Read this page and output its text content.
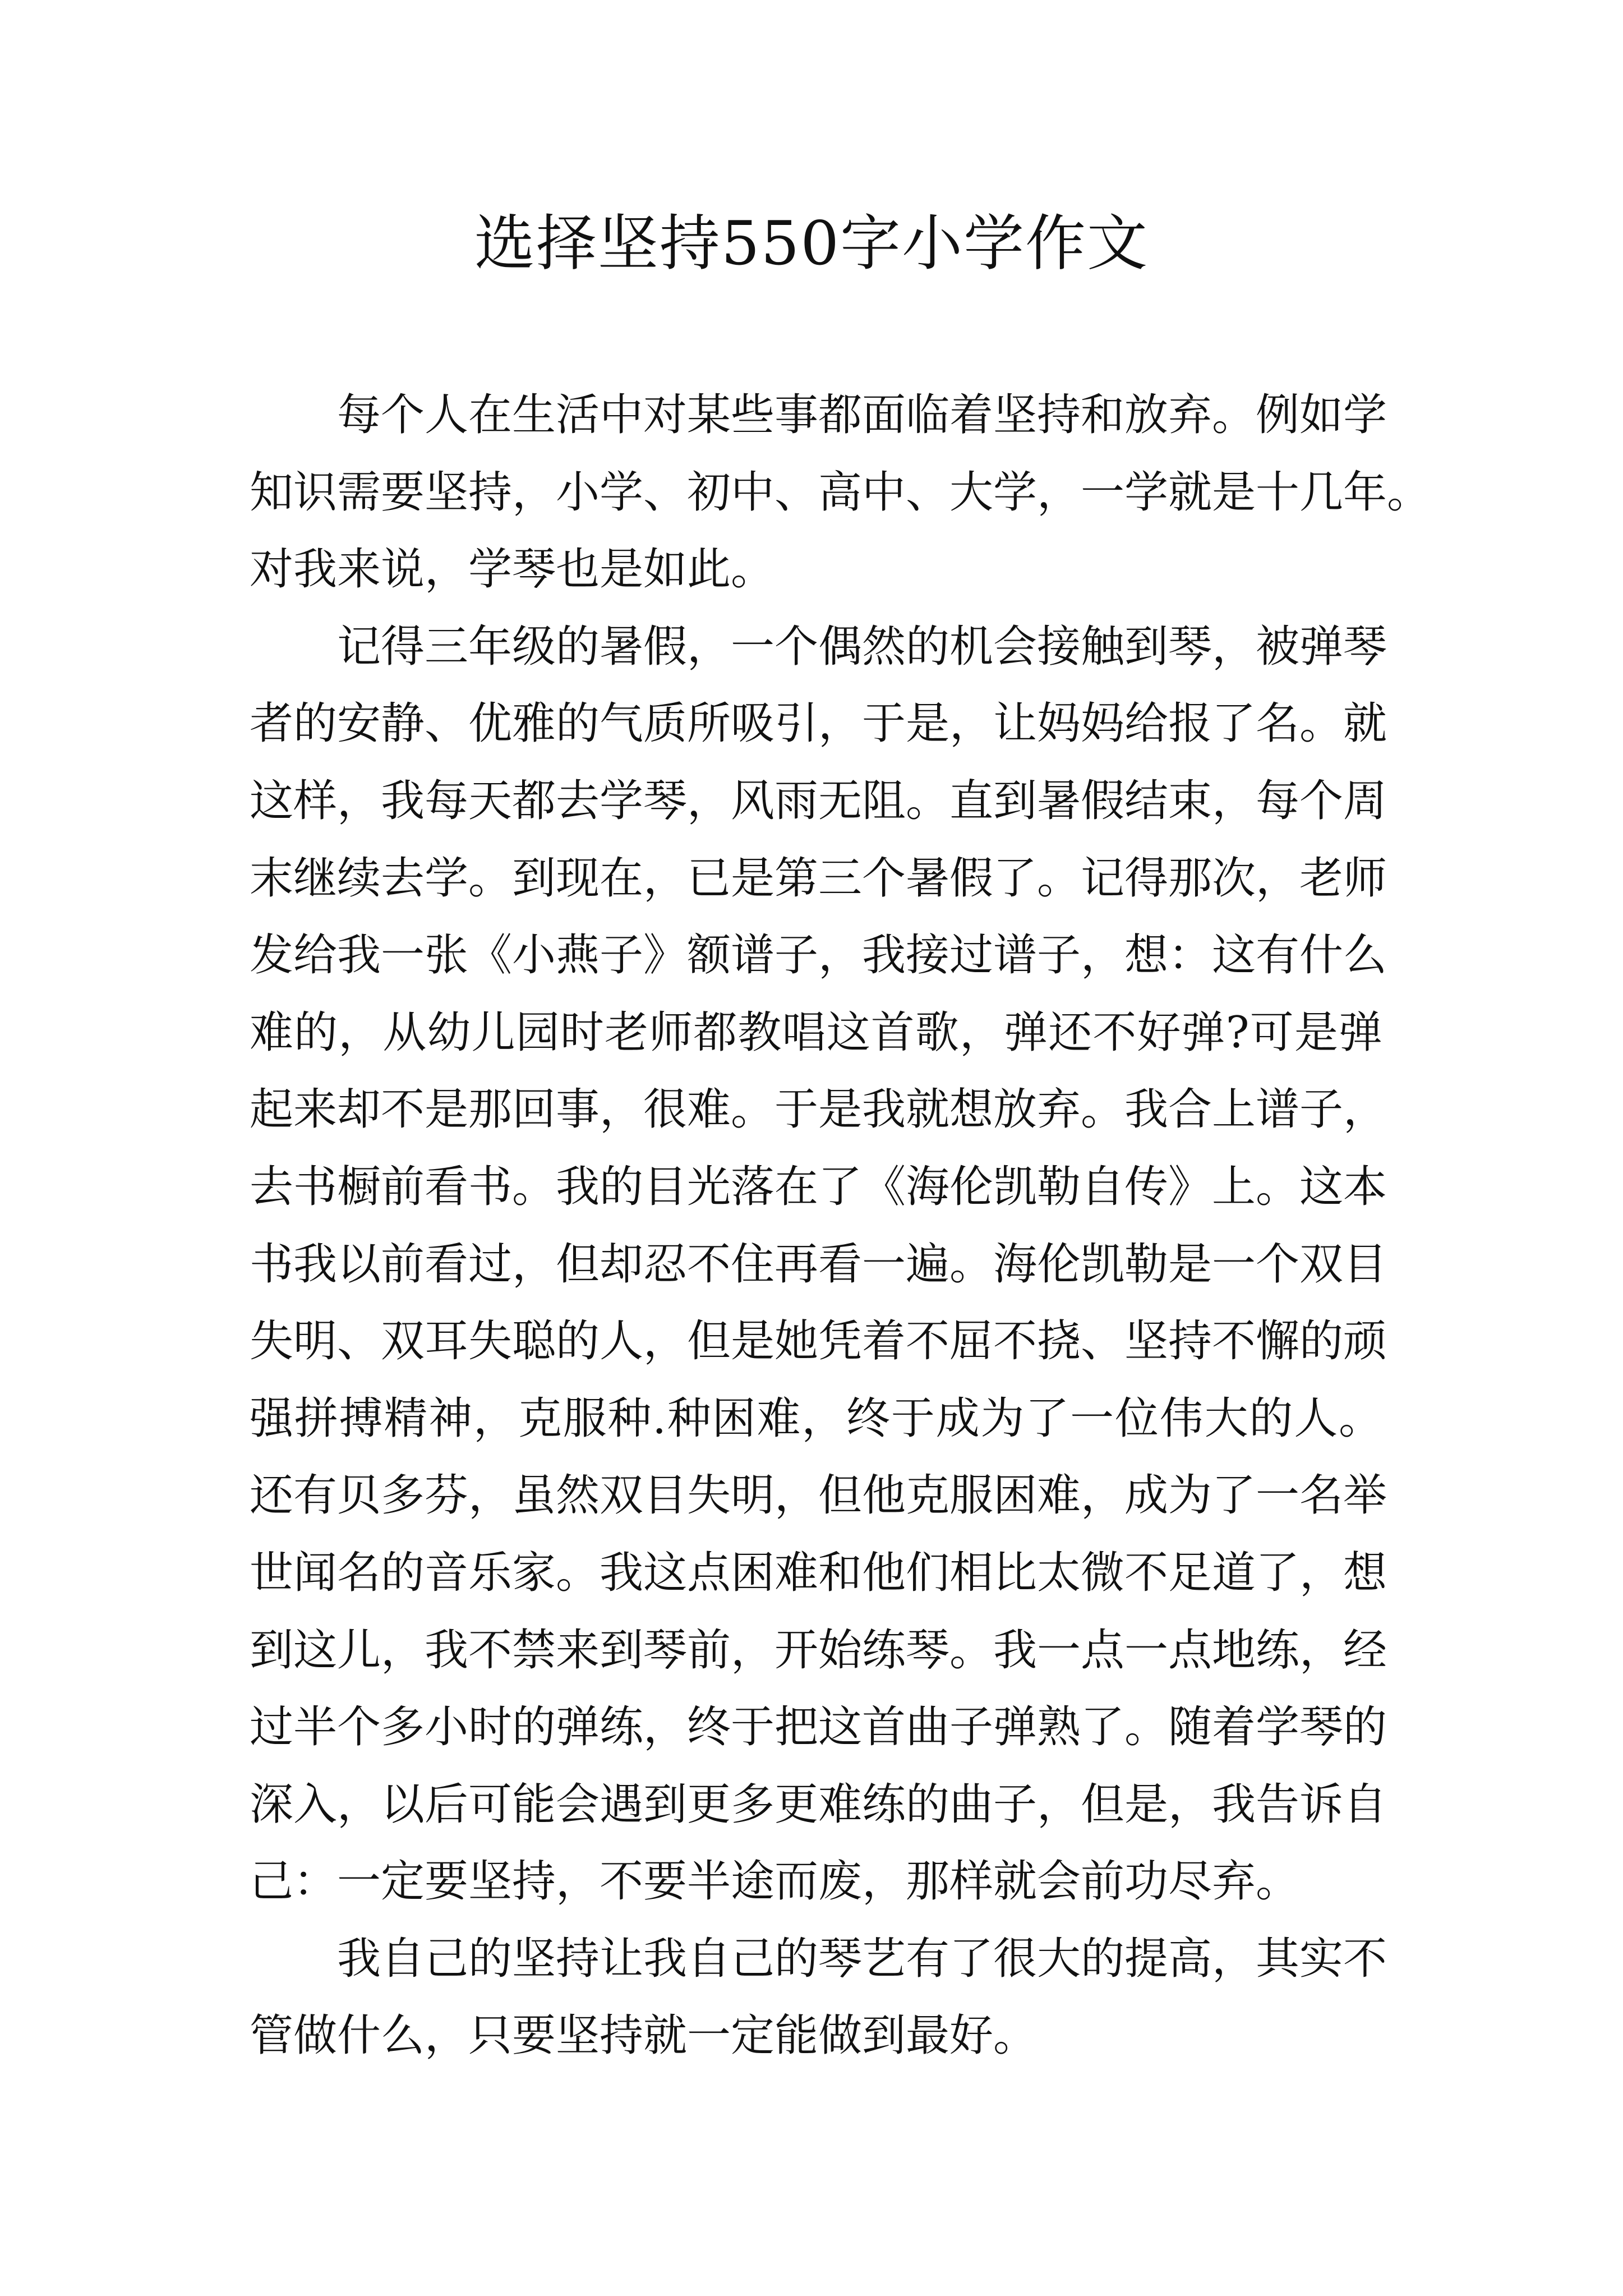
选择坚持550字小学作文
每个人在生活中对某些事都面临着坚持和放弃。例如学
知识需要坚持，小学、初中、高中、大学，一学就是十几年。
对我来说，学琴也是如此。
记得三年级的暑假，一个偶然的机会接触到琴，被弹琴
者的安静、优雅的气质所吸引，于是，让妈妈给报了名。就
这样，我每天都去学琴，风雨无阻。直到暑假结束，每个周
末继续去学。到现在，已是第三个暑假了。记得那次，老师
发给我一张《小燕子》额谱子，我接过谱子，想：这有什么
难的，从幼儿园时老师都教唱这首歌，弹还不好弹?可是弹
起来却不是那回事，很难。于是我就想放弃。我合上谱子，
去书橱前看书。我的目光落在了《海伦凯勒自传》上。这本
书我以前看过，但却忍不住再看一遍。海伦凯勒是一个双目
失明、双耳失聪的人，但是她凭着不屈不挠、坚持不懈的顽
强拼搏精神，克服种.种困难，终于成为了一位伟大的人。
还有贝多芬，虽然双目失明，但他克服困难，成为了一名举
世闻名的音乐家。我这点困难和他们相比太微不足道了，想
到这儿，我不禁来到琴前，开始练琴。我一点一点地练，经
过半个多小时的弹练，终于把这首曲子弹熟了。随着学琴的
深入，以后可能会遇到更多更难练的曲子，但是，我告诉自
己：一定要坚持，不要半途而废，那样就会前功尽弃。
我自己的坚持让我自己的琴艺有了很大的提高，其实不
管做什么，只要坚持就一定能做到最好。
